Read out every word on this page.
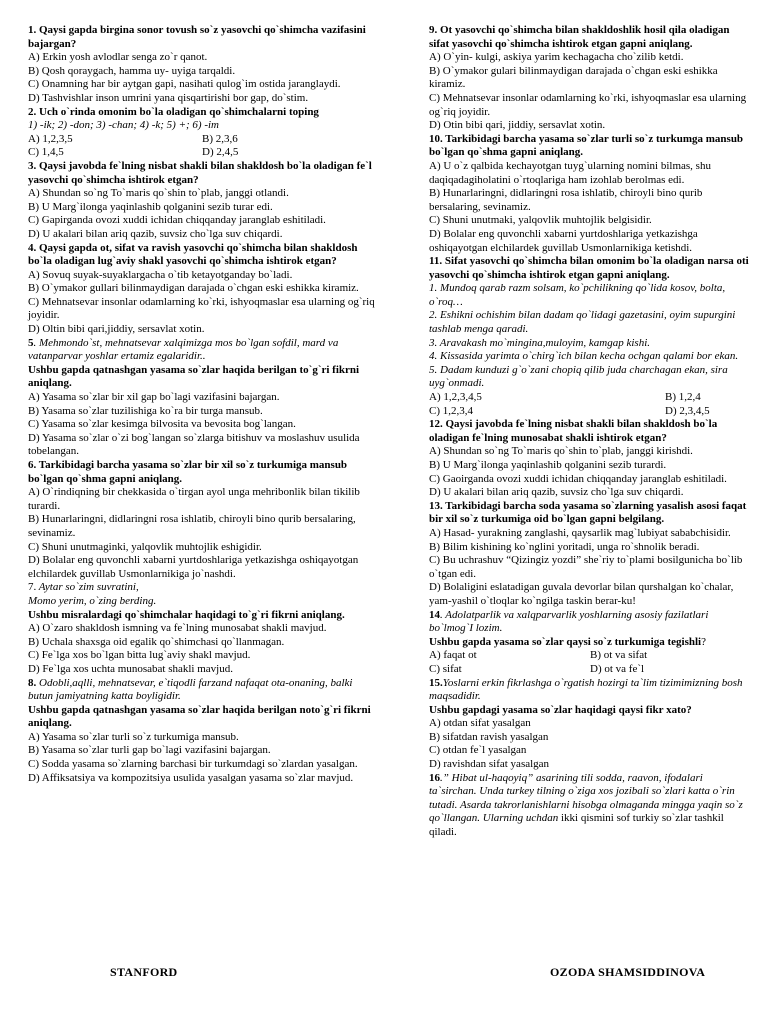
1. Qaysi gapda birgina sonor tovush so`z yasovchi qo`shimcha vazifasini bajargan?
A) Erkin yosh avlodlar senga zo`r qanot.
B) Qosh qoraygach, hamma uy- uyiga tarqaldi.
C) Onamning har bir aytgan gapi, nasihati qulog`im ostida jaranglaydi.
D) Tashvishlar inson umrini yana qisqartirishi bor gap, do`stim.
2. Uch o`rinda omonim bo`la oladigan qo`shimchalarni toping
1) -ik; 2) -don; 3) -chan; 4) -k; 5) +; 6) -im
A) 1,2,3,5	B) 2,3,6
C) 1,4,5	D) 2,4,5
3. Qaysi javobda fe`lning nisbat shakli bilan shakldosh bo`la oladigan fe`l yasovchi qo`shimcha ishtirok etgan?
A) Shundan so`ng To`maris qo`shin to`plab, janggi otlandi.
B) U Marg`ilonga yaqinlashib qolganini sezib turar edi.
C) Gapirganda ovozi xuddi ichidan chiqqanday jaranglab eshitiladi.
D) U akalari bilan ariq qazib, suvsiz cho`lga suv chiqardi.
4. Qaysi gapda ot, sifat va ravish yasovchi qo`shimcha bilan shakldosh bo`la oladigan lug`aviy shakl yasovchi qo`shimcha ishtirok etgan?
A) Sovuq suyak-suyaklargacha o`tib ketayotganday bo`ladi.
B) O`ymakor gullari bilinmaydigan darajada o`chgan eski eshikka kiramiz.
C) Mehnatsevar insonlar odamlarning ko`rki, ishyoqmaslar esa ularning og`riq joyidir.
D) Oltin bibi qari,jiddiy, sersavlat xotin.
5. Mehmondo`st, mehnatsevar xalqimizga mos bo`lgan sofdil, mard va vatanparvar yoshlar ertamiz egalaridir..
Ushbu gapda qatnashgan yasama so`zlar haqida berilgan to`g`ri fikrni aniqlang.
A) Yasama so`zlar bir xil gap bo`lagi vazifasini bajargan.
B) Yasama so`zlar tuzilishiga ko`ra bir turga mansub.
C) Yasama so`zlar kesimga bilvosita va bevosita bog`langan.
D) Yasama so`zlar o`zi bog`langan so`zlarga bitishuv va moslashuv usulida tobelangan.
6. Tarkibidagi barcha yasama so`zlar bir xil so`z turkumiga mansub bo`lgan qo`shma gapni aniqlang.
A) O`rindiqning bir chekkasida o`tirgan ayol unga mehribonlik bilan tikilib turardi.
B) Hunarlaringni, didlaringni rosa ishlatib, chiroyli bino qurib bersalaring, sevinamiz.
C) Shuni unutmaginki, yalqovlik muhtojlik eshigidir.
D) Bolalar eng quvonchli xabarni yurtdoshlariga yetkazishga oshiqayotgan elchilardek guvillab Usmonlarnikiga jo`nashdi.
7. Aytar so`zim suvratini,
Momo yerim, o`zing berding.
Ushbu misralardagi qo`shimchalar haqidagi to`g`ri fikrni aniqlang.
A) O`zaro shakldosh ismning va fe`lning munosabat shakli mavjud.
B) Uchala shaxsga oid egalik qo`shimchasi qo`llanmagan.
C) Fe`lga xos bo`lgan bitta lug`aviy shakl mavjud.
D) Fe`lga xos uchta munosabat shakli mavjud.
8. Odobli,aqlli, mehnatsevar, e`tiqodli farzand nafaqat ota-onaning, balki butun jamiyatning katta boyligidir.
Ushbu gapda qatnashgan yasama so`zlar haqida berilgan noto`g`ri fikrni aniqlang.
A) Yasama so`zlar turli so`z turkumiga mansub.
B) Yasama so`zlar turli gap bo`lagi vazifasini bajargan.
C) Sodda yasama so`zlarning barchasi bir turkumdagi so`zlardan yasalgan.
D) Affiksatsiya va kompozitsiya usulida yasalgan yasama so`zlar mavjud.
9. Ot yasovchi qo`shimcha bilan shakldoshlik hosil qila oladigan sifat yasovchi qo`shimcha ishtirok etgan gapni aniqlang.
A) O`yin- kulgi, askiya yarim kechagacha cho`zilib ketdi.
B) O`ymakor gulari bilinmaydigan darajada o`chgan eski eshikka kiramiz.
C) Mehnatsevar insonlar odamlarning ko`rki, ishyoqmaslar esa ularning og`riq joyidir.
D) Otin bibi qari, jiddiy, sersavlat xotin.
10. Tarkibidagi barcha yasama so`zlar turli so`z turkumga mansub bo`lgan qo`shma gapni aniqlang.
A) U o`z qalbida kechayotgan tuyg`ularning nomini bilmas, shu daqiqadagiholatini o`rtoqlariga ham izohlab berolmas edi.
B) Hunarlaringni, didlaringni rosa ishlatib, chiroyli bino qurib bersalaring, sevinamiz.
C) Shuni unutmaki, yalqovlik muhtojlik belgisidir.
D) Bolalar eng quvonchli xabarni yurtdoshlariga yetkazishga oshiqayotgan elchilardek guvillab Usmonlarnikiga ketishdi.
11. Sifat yasovchi qo`shimcha bilan omonim bo`la oladigan narsa oti yasovchi qo`shimcha ishtirok etgan gapni aniqlang.
1. Mundoq qarab razm solsam, ko`pchilikning qo`lida kosov, bolta, o`roq…
2. Eshikni ochishim bilan dadam qo`lidagi gazetasini, oyim supurgini tashlab menga qaradi.
3. Aravakash mo`mingina,muloyim, kamgap kishi.
4. Kissasida yarimta o`chirg`ich bilan kecha ochgan qalami bor ekan.
5. Dadam kunduzi g`o`zani chopiq qilib juda charchagan ekan, sira uyg`onmadi.
A) 1,2,3,4,5	B) 1,2,4
C) 1,2,3,4	D) 2,3,4,5
12. Qaysi javobda fe`lning nisbat shakli bilan shakldosh bo`la oladigan fe`lning munosabat shakli ishtirok etgan?
A) Shundan so`ng To`maris qo`shin to`plab, janggi kirishdi.
B) U Marg`ilonga yaqinlashib qolganini sezib turardi.
C) Gaoirganda ovozi xuddi ichidan chiqqanday jaranglab eshitiladi.
D) U akalari bilan ariq qazib, suvsiz cho`lga suv chiqardi.
13. Tarkibidagi barcha soda yasama so`zlarning yasalish asosi faqat bir xil so`z turkumiga oid bo`lgan gapni belgilang.
A) Hasad- yurakning zanglashi, qaysarlik mag`lubiyat sababchisidir.
B) Bilim kishining ko`nglini yoritadi, unga ro`shnolik beradi.
C) Bu uchrashuv “Qizingiz yozdi” she`riy to`plami bosilgunicha bo`lib o`tgan edi.
D) Bolaligini eslatadigan guvala devorlar bilan qurshalgan ko`chalar, yam-yashil o`tloqlar ko`ngilga taskin berar-ku!
14. Adolatparlik va xalqparvarlik yoshlarning asosiy fazilatlari bo`lmog`I lozim.
Ushbu gapda yasama so`zlar qaysi so`z turkumiga tegishli?
A) faqat ot	B) ot va sifat
C) sifat	D) ot va fe`l
15.Yoslarni erkin fikrlashga o`rgatish hozirgi ta`lim tizimimizning bosh maqsadidir.
Ushbu gapdagi yasama so`zlar haqidagi qaysi fikr xato?
A) otdan sifat yasalgan
B) sifatdan ravish yasalgan
C) otdan fe`l yasalgan
D) ravishdan sifat yasalgan
16.” Hibat ul-haqoyiq” asarining tili sodda, raavon, ifodalari ta`sirchan. Unda turkey tilning o`ziga xos jozibali so`zlari katta o`rin tutadi. Asarda takrorlanishlarni hisobga olmaganda mingga yaqin so`z qo`llangan. Ularning uchdan ikki qismini sof turkiy so`zlar tashkil qiladi.
STANFORD	OZODA SHAMSIDDINOVA
